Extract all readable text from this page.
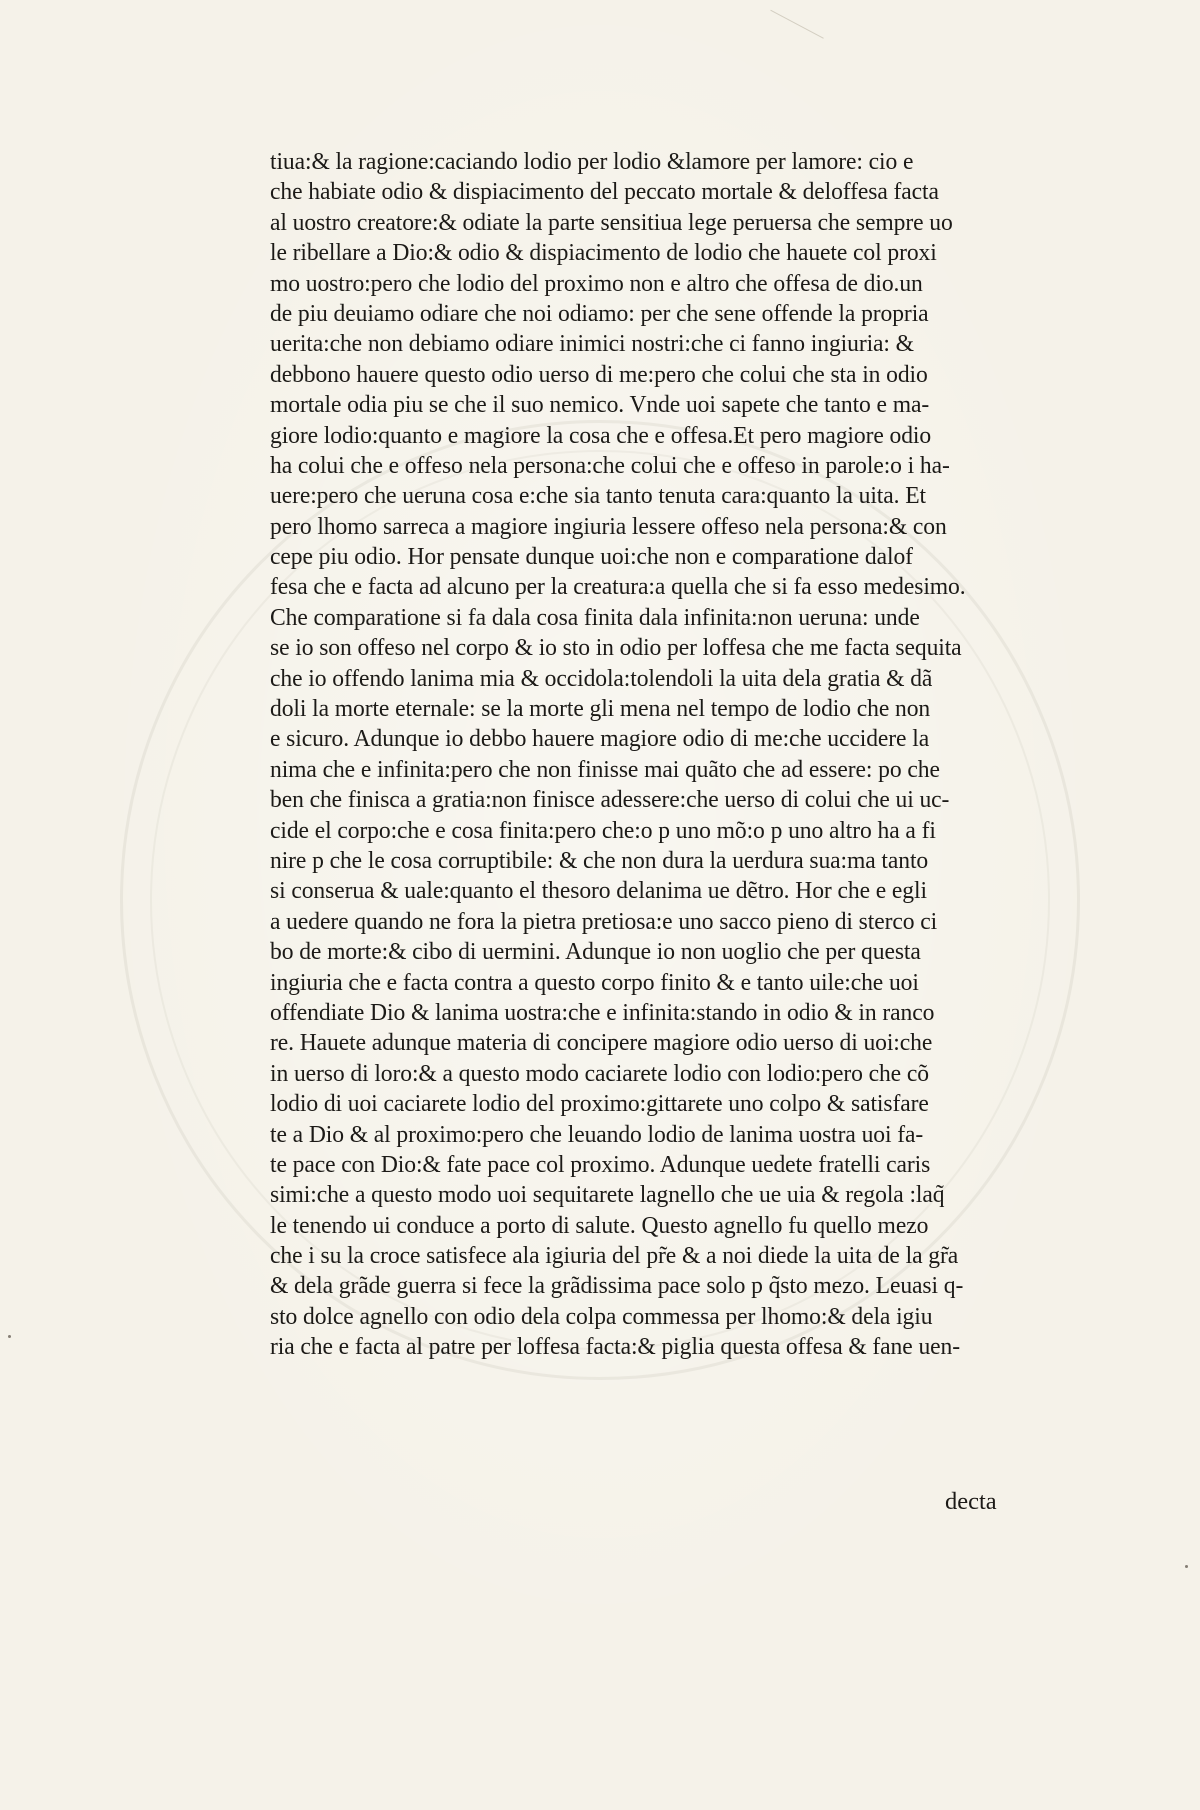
tiua:& la ragione:caciando lodio per lodio &lamore per lamore: cio e
che habiate odio & dispiacimento del peccato mortale & deloffesa facta
al uostro creatore:& odiate la parte sensitiua lege peruersa che sempre uo
le ribellare a Dio:& odio & dispiacimento de lodio che hauete col proxi
mo uostro:pero che lodio del proximo non e altro che offesa de dio.un
de piu deuiamo odiare che noi odiamo: per che sene offende la propria
uerita:che non debiamo odiare inimici nostri:che ci fanno ingiuria: &
debbono hauere questo odio uerso di me:pero che colui che sta in odio
mortale odia piu se che il suo nemico. Vnde uoi sapete che tanto e ma-
giore lodio:quanto e magiore la cosa che e offesa.Et pero magiore odio
ha colui che e offeso nela persona:che colui che e offeso in parole:o i ha-
uere:pero che ueruna cosa e:che sia tanto tenuta cara:quanto la uita. Et
pero lhomo sarreca a magiore ingiuria lessere offeso nela persona:& con
cepe piu odio. Hor pensate dunque uoi:che non e comparatione dalof
fesa che e facta ad alcuno per la creatura:a quella che si fa esso medesimo.
Che comparatione si fa dala cosa finita dala infinita:non ueruna: unde
se io son offeso nel corpo & io sto in odio per loffesa che me facta sequita
che io offendo lanima mia & occidola:tolendoli la uita dela gratia & dã
doli la morte eternale: se la morte gli mena nel tempo de lodio che non
e sicuro. Adunque io debbo hauere magiore odio di me:che uccidere la
nima che e infinita:pero che non finisse mai quãto che ad essere: po che
ben che finisca a gratia:non finisce adessere:che uerso di colui che ui uc-
cide el corpo:che e cosa finita:pero che:o p uno mõ:o p uno altro ha a fi
nire p che le cosa corruptibile: & che non dura la uerdura sua:ma tanto
si conserua & uale:quanto el thesoro delanima ue dẽtro. Hor che e egli
a uedere quando ne fora la pietra pretiosa:e uno sacco pieno di sterco ci
bo de morte:& cibo di uermini. Adunque io non uoglio che per questa
ingiuria che e facta contra a questo corpo finito & e tanto uile:che uoi
offendiate Dio & lanima uostra:che e infinita:stando in odio & in ranco
re. Hauete adunque materia di concipere magiore odio uerso di uoi:che
in uerso di loro:& a questo modo caciarete lodio con lodio:pero che cõ
lodio di uoi caciarete lodio del proximo:gittarete uno colpo & satisfare
te a Dio & al proximo:pero che leuando lodio de lanima uostra uoi fa-
te pace con Dio:& fate pace col proximo. Adunque uedete fratelli caris
simi:che a questo modo uoi sequitarete lagnello che ue uia & regola :laq̃
le tenendo ui conduce a porto di salute. Questo agnello fu quello mezo
che i su la croce satisfece ala igiuria del pr̃e & a noi diede la uita de la gr̃a
& dela grãde guerra si fece la grãdissima pace solo p q̃sto mezo. Leuasi q-
sto dolce agnello con odio dela colpa commessa per lhomo:& dela igiu
ria che e facta al patre per loffesa facta:& piglia questa offesa & fane uen-
decta
